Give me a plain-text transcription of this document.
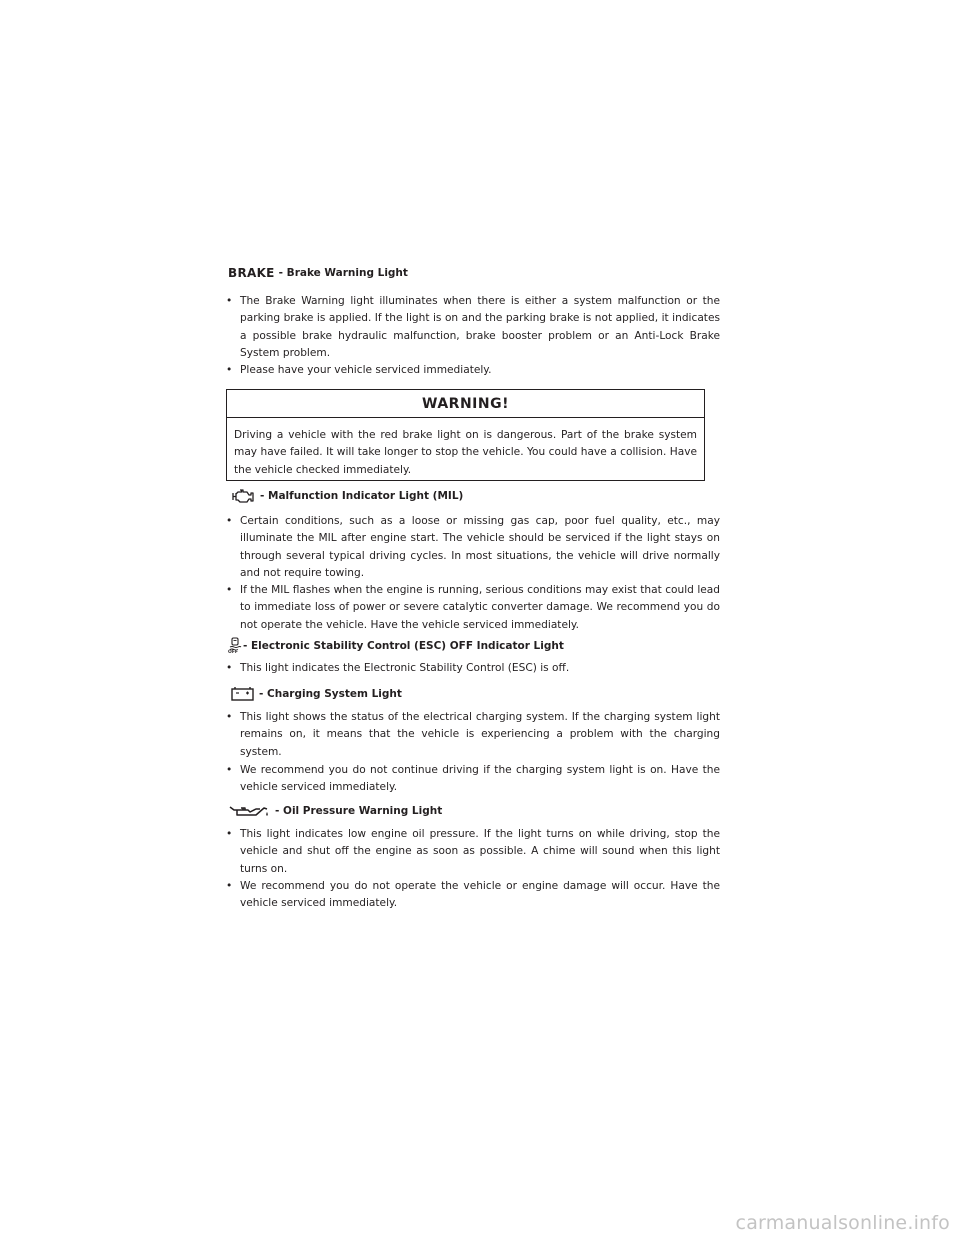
BRAKE - Brake Warning Light
• The Brake Warning light illuminates when there is either a system malfunction or the parking brake is applied. If the light is on and the parking brake is not applied, it indicates a possible brake hydraulic malfunction, brake booster problem or an Anti-Lock Brake System problem.
• Please have your vehicle serviced immediately.
WARNING!
Driving a vehicle with the red brake light on is dangerous. Part of the brake system may have failed. It will take longer to stop the vehicle. You could have a collision. Have the vehicle checked immediately.
- Malfunction Indicator Light (MIL)
• Certain conditions, such as a loose or missing gas cap, poor fuel quality, etc., may illuminate the MIL after engine start. The vehicle should be serviced if the light stays on through several typical driving cycles. In most situations, the vehicle will drive normally and not require towing.
• If the MIL flashes when the engine is running, serious conditions may exist that could lead to immediate loss of power or severe catalytic converter damage. We recommend you do not operate the vehicle. Have the vehicle serviced immediately.
OFF
- Electronic Stability Control (ESC) OFF Indicator Light
• This light indicates the Electronic Stability Control (ESC) is off.
- Charging System Light
• This light shows the status of the electrical charging system. If the charging system light remains on, it means that the vehicle is experiencing a problem with the charging system.
• We recommend you do not continue driving if the charging system light is on. Have the vehicle serviced immediately.
- Oil Pressure Warning Light
• This light indicates low engine oil pressure. If the light turns on while driving, stop the vehicle and shut off the engine as soon as possible. A chime will sound when this light turns on.
• We recommend you do not operate the vehicle or engine damage will occur. Have the vehicle serviced immediately.
carmanualsonline.info
